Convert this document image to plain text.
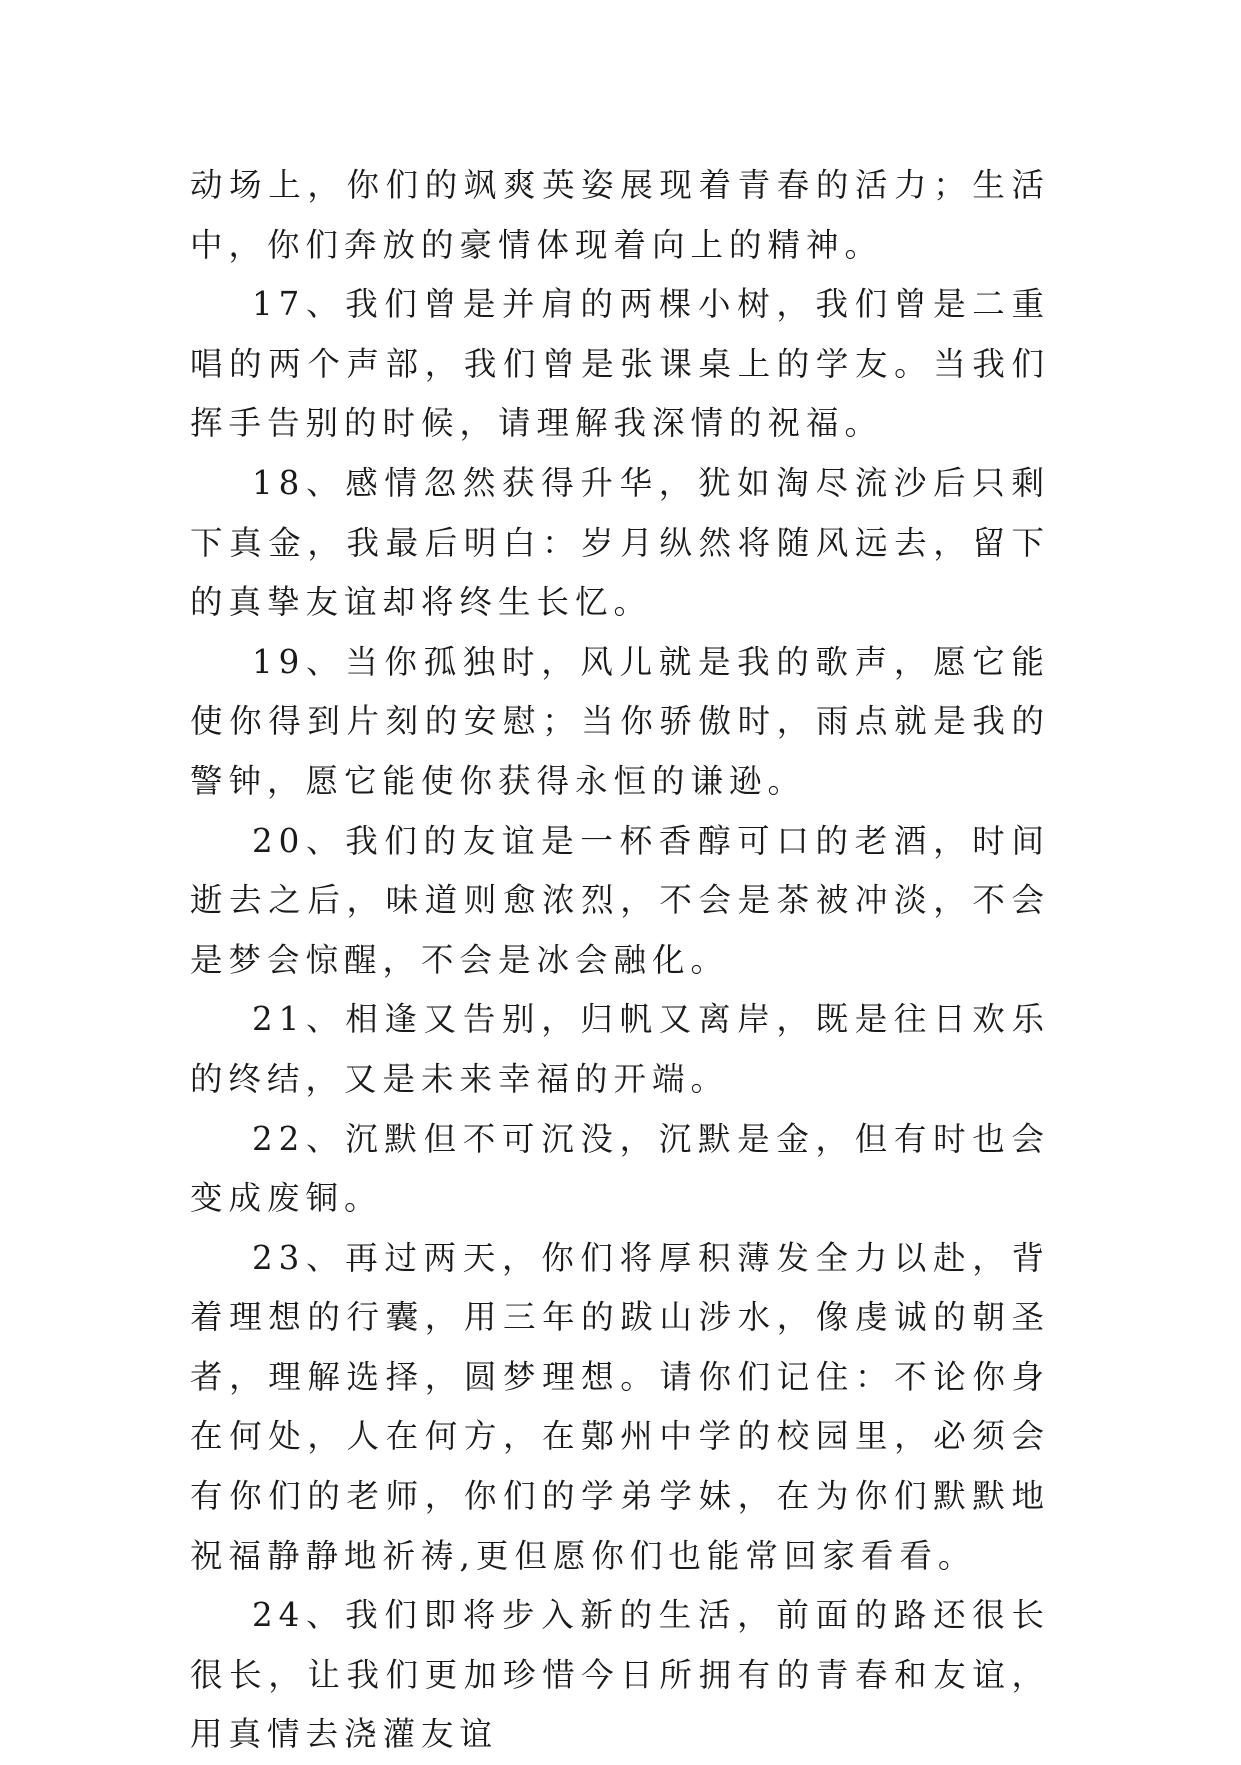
动场上，你们的飒爽英姿展现着青春的活力；生活中，你们奔放的豪情体现着向上的精神。

17、我们曾是并肩的两棵小树，我们曾是二重唱的两个声部，我们曾是张课桌上的学友。当我们挥手告别的时候，请理解我深情的祝福。

18、感情忽然获得升华，犹如淘尽流沙后只剩下真金，我最后明白：岁月纵然将随风远去，留下的真挚友谊却将终生长忆。

19、当你孤独时，风儿就是我的歌声，愿它能使你得到片刻的安慰；当你骄傲时，雨点就是我的警钟，愿它能使你获得永恒的谦逊。

20、我们的友谊是一杯香醇可口的老酒，时间逝去之后，味道则愈浓烈，不会是茶被冲淡，不会是梦会惊醒，不会是冰会融化。

21、相逢又告别，归帆又离岸，既是往日欢乐的终结，又是未来幸福的开端。

22、沉默但不可沉没，沉默是金，但有时也会变成废铜。

23、再过两天，你们将厚积薄发全力以赴，背着理想的行囊，用三年的跋山涉水，像虔诚的朝圣者，理解选择，圆梦理想。请你们记住：不论你身在何处，人在何方，在鄚州中学的校园里，必须会有你们的老师，你们的学弟学妹，在为你们默默地祝福静静地祈祷,更但愿你们也能常回家看看。

24、我们即将步入新的生活，前面的路还很长很长，让我们更加珍惜今日所拥有的青春和友谊，用真情去浇灌友谊
